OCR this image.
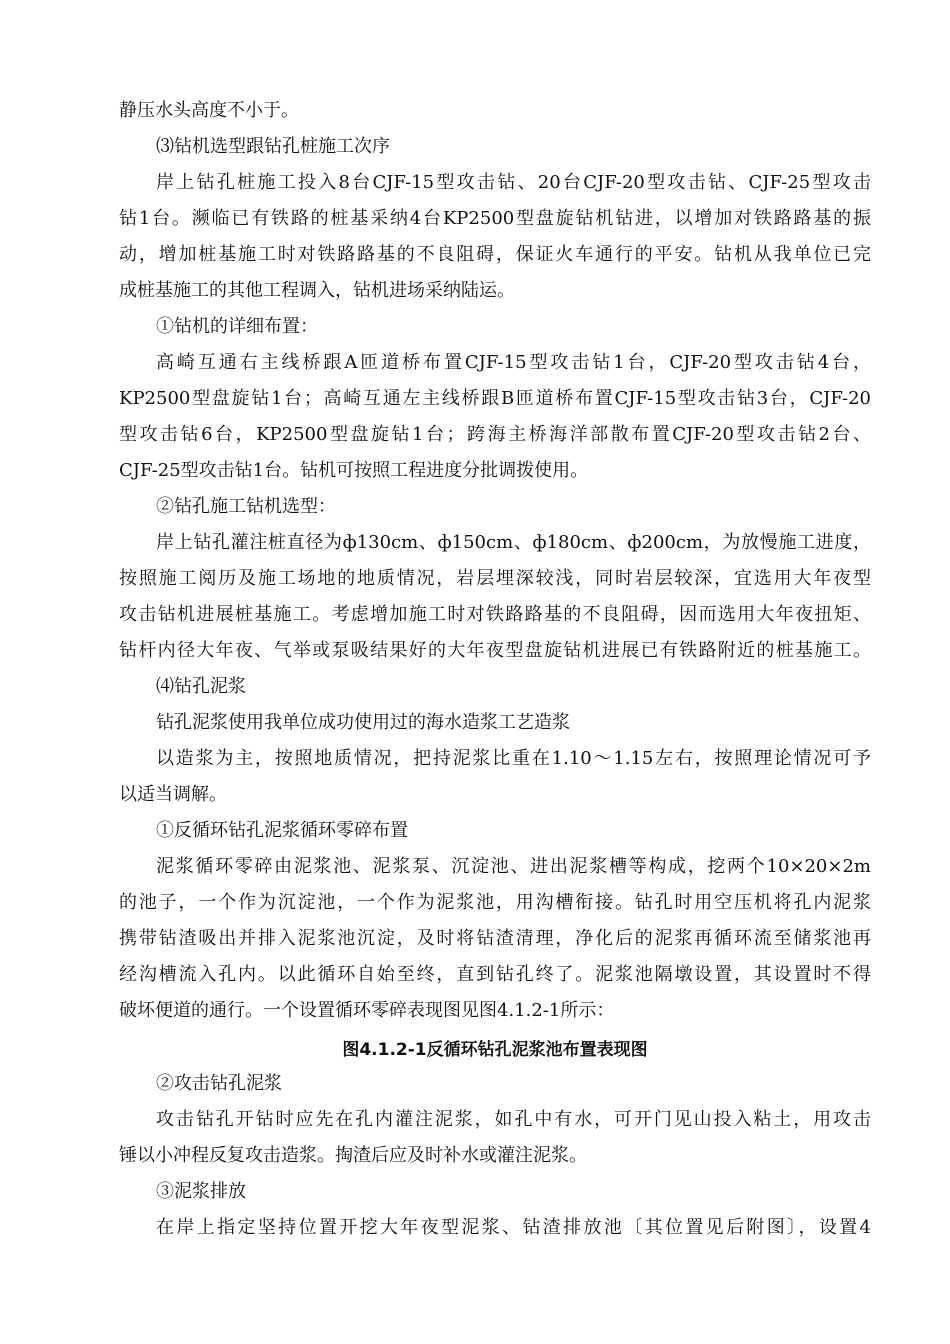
静压水头高度不小于。
⑶钻机选型跟钻孔桩施工次序
岸上钻孔桩施工投入8台CJF-15型攻击钻、20台CJF-20型攻击钻、CJF-25型攻击
钻1台。濒临已有铁路的桩基采纳4台KP2500型盘旋钻机钻进，以增加对铁路路基的振
动，增加桩基施工时对铁路路基的不良阻碍，保证火车通行的平安。钻机从我单位已完
成桩基施工的其他工程调入，钻机进场采纳陆运。
①钻机的详细布置：
高崎互通右主线桥跟A匝道桥布置CJF-15型攻击钻1台，CJF-20型攻击钻4台，
KP2500型盘旋钻1台；高崎互通左主线桥跟B匝道桥布置CJF-15型攻击钻3台，CJF-20
型攻击钻6台，KP2500型盘旋钻1台；跨海主桥海洋部散布置CJF-20型攻击钻2台、
CJF-25型攻击钻1台。钻机可按照工程进度分批调拨使用。
②钻孔施工钻机选型：
岸上钻孔灌注桩直径为ф130cm、ф150cm、ф180cm、ф200cm，为放慢施工进度，
按照施工阅历及施工场地的地质情况，岩层埋深较浅，同时岩层较深，宜选用大年夜型
攻击钻机进展桩基施工。考虑增加施工时对铁路路基的不良阻碍，因而选用大年夜扭矩、
钻杆内径大年夜、气举或泵吸结果好的大年夜型盘旋钻机进展已有铁路附近的桩基施工。
⑷钻孔泥浆
钻孔泥浆使用我单位成功使用过的海水造浆工艺造浆
以造浆为主，按照地质情况，把持泥浆比重在1.10～1.15左右，按照理论情况可予
以适当调解。
①反循环钻孔泥浆循环零碎布置
泥浆循环零碎由泥浆池、泥浆泵、沉淀池、进出泥浆槽等构成，挖两个10×20×2m
的池子，一个作为沉淀池，一个作为泥浆池，用沟槽衔接。钻孔时用空压机将孔内泥浆
携带钻渣吸出并排入泥浆池沉淀，及时将钻渣清理，净化后的泥浆再循环流至储浆池再
经沟槽流入孔内。以此循环自始至终，直到钻孔终了。泥浆池隔墩设置，其设置时不得
破坏便道的通行。一个设置循环零碎表现图见图4.1.2-1所示：
图4.1.2-1反循环钻孔泥浆池布置表现图
②攻击钻孔泥浆
攻击钻孔开钻时应先在孔内灌注泥浆，如孔中有水，可开门见山投入粘土，用攻击
锤以小冲程反复攻击造浆。掏渣后应及时补水或灌注泥浆。
③泥浆排放
在岸上指定坚持位置开挖大年夜型泥浆、钻渣排放池〔其位置见后附图〕，设置4
